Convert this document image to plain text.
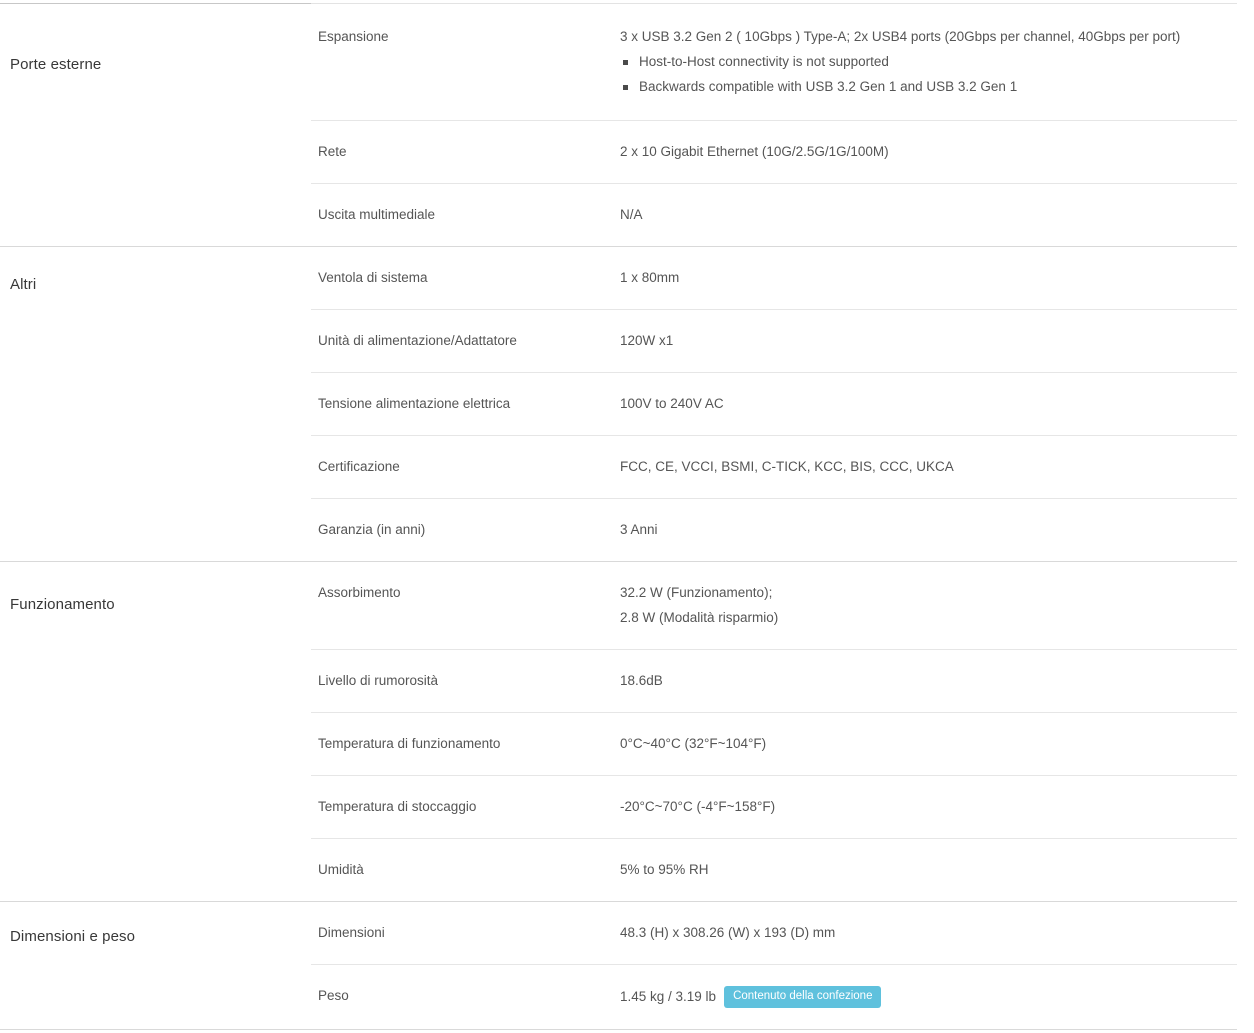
Porte esterne
Espansione	3 x USB 3.2 Gen 2 ( 10Gbps ) Type-A; 2x USB4 ports (20Gbps per channel, 40Gbps per port)
Host-to-Host connectivity is not supported
Backwards compatible with USB 3.2 Gen 1 and USB 3.2 Gen 1
Rete	2 x 10 Gigabit Ethernet (10G/2.5G/1G/100M)
Uscita multimediale	N/A
Altri	Ventola di sistema	1 x 80mm
Unità di alimentazione/Adattatore	120W x1
Tensione alimentazione elettrica	100V to 240V AC
Certificazione	FCC, CE, VCCI, BSMI, C-TICK, KCC, BIS, CCC, UKCA
Garanzia (in anni)	3 Anni
Funzionamento
Assorbimento	32.2 W (Funzionamento);
2.8 W (Modalità risparmio)
Livello di rumorosità	18.6dB
Temperatura di funzionamento	0°C~40°C (32°F~104°F)
Temperatura di stoccaggio	-20°C~70°C (-4°F~158°F)
Umidità	5% to 95% RH
Dimensioni e peso	Dimensioni	48.3 (H) x 308.26 (W) x 193 (D) mm
Peso	1.45 kg / 3.19 lb	Contenuto della confezione
